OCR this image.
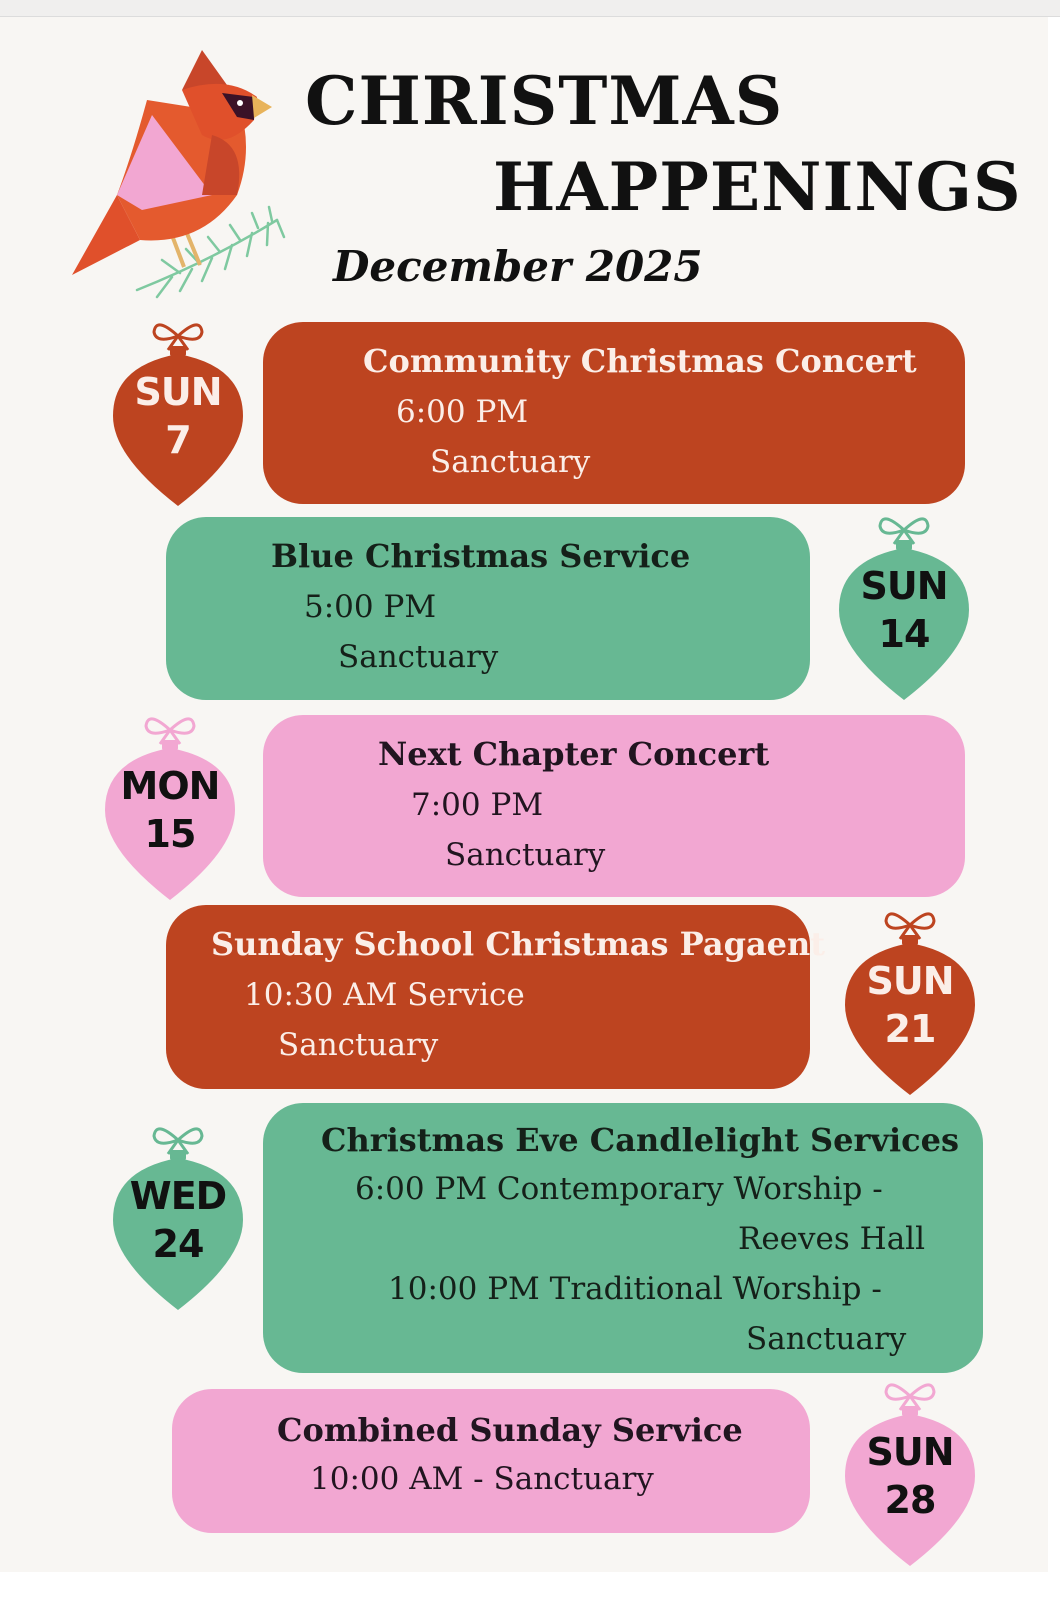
CHRISTMAS
HAPPENINGS

December 2025

Community Christmas Concert
6:00 PM
Sanctuary
Blue Christmas Service
5:00 PM
Sanctuary
Next Chapter Concert
7:00 PM
Sanctuary
Sunday School Christmas Pagaent
10:30 AM Service
Sanctuary
Christmas Eve Candlelight Services
6:00 PM Contemporary Worship -
Reeves Hall
10:00 PM Traditional Worship -
Sanctuary
Combined Sunday Service
10:00 AM - Sanctuary
SUN
7
SUN
14
MON
15
SUN
21
WED
24
SUN
28
